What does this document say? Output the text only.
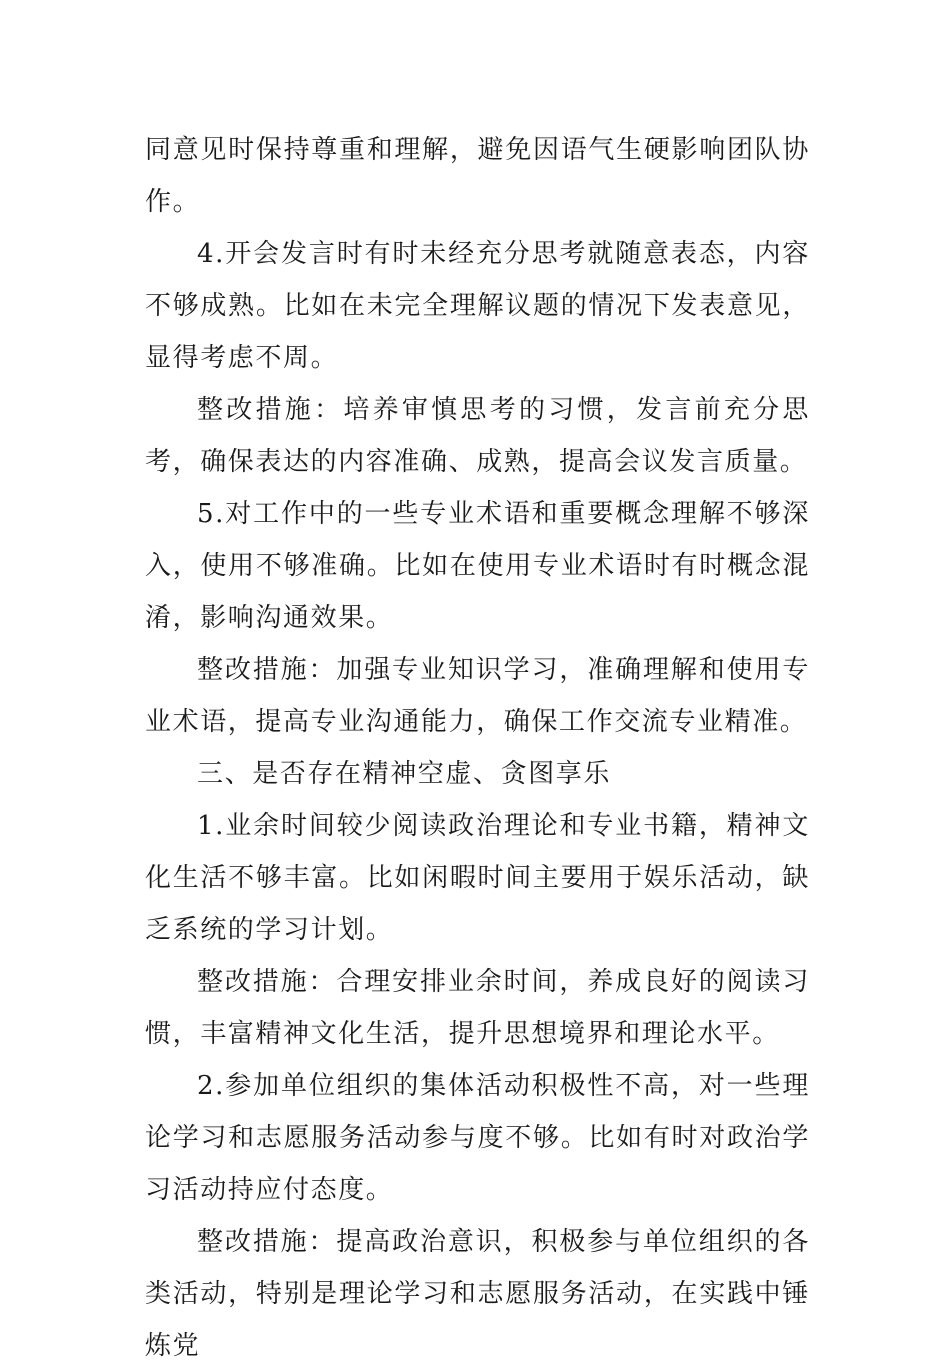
同意见时保持尊重和理解，避免因语气生硬影响团队协作。

4.开会发言时有时未经充分思考就随意表态，内容不够成熟。比如在未完全理解议题的情况下发表意见，显得考虑不周。

整改措施：培养审慎思考的习惯，发言前充分思考，确保表达的内容准确、成熟，提高会议发言质量。

5.对工作中的一些专业术语和重要概念理解不够深入，使用不够准确。比如在使用专业术语时有时概念混淆，影响沟通效果。

整改措施：加强专业知识学习，准确理解和使用专业术语，提高专业沟通能力，确保工作交流专业精准。

三、是否存在精神空虚、贪图享乐

1.业余时间较少阅读政治理论和专业书籍，精神文化生活不够丰富。比如闲暇时间主要用于娱乐活动，缺乏系统的学习计划。

整改措施：合理安排业余时间，养成良好的阅读习惯，丰富精神文化生活，提升思想境界和理论水平。

2.参加单位组织的集体活动积极性不高，对一些理论学习和志愿服务活动参与度不够。比如有时对政治学习活动持应付态度。

整改措施：提高政治意识，积极参与单位组织的各类活动，特别是理论学习和志愿服务活动，在实践中锤炼党
